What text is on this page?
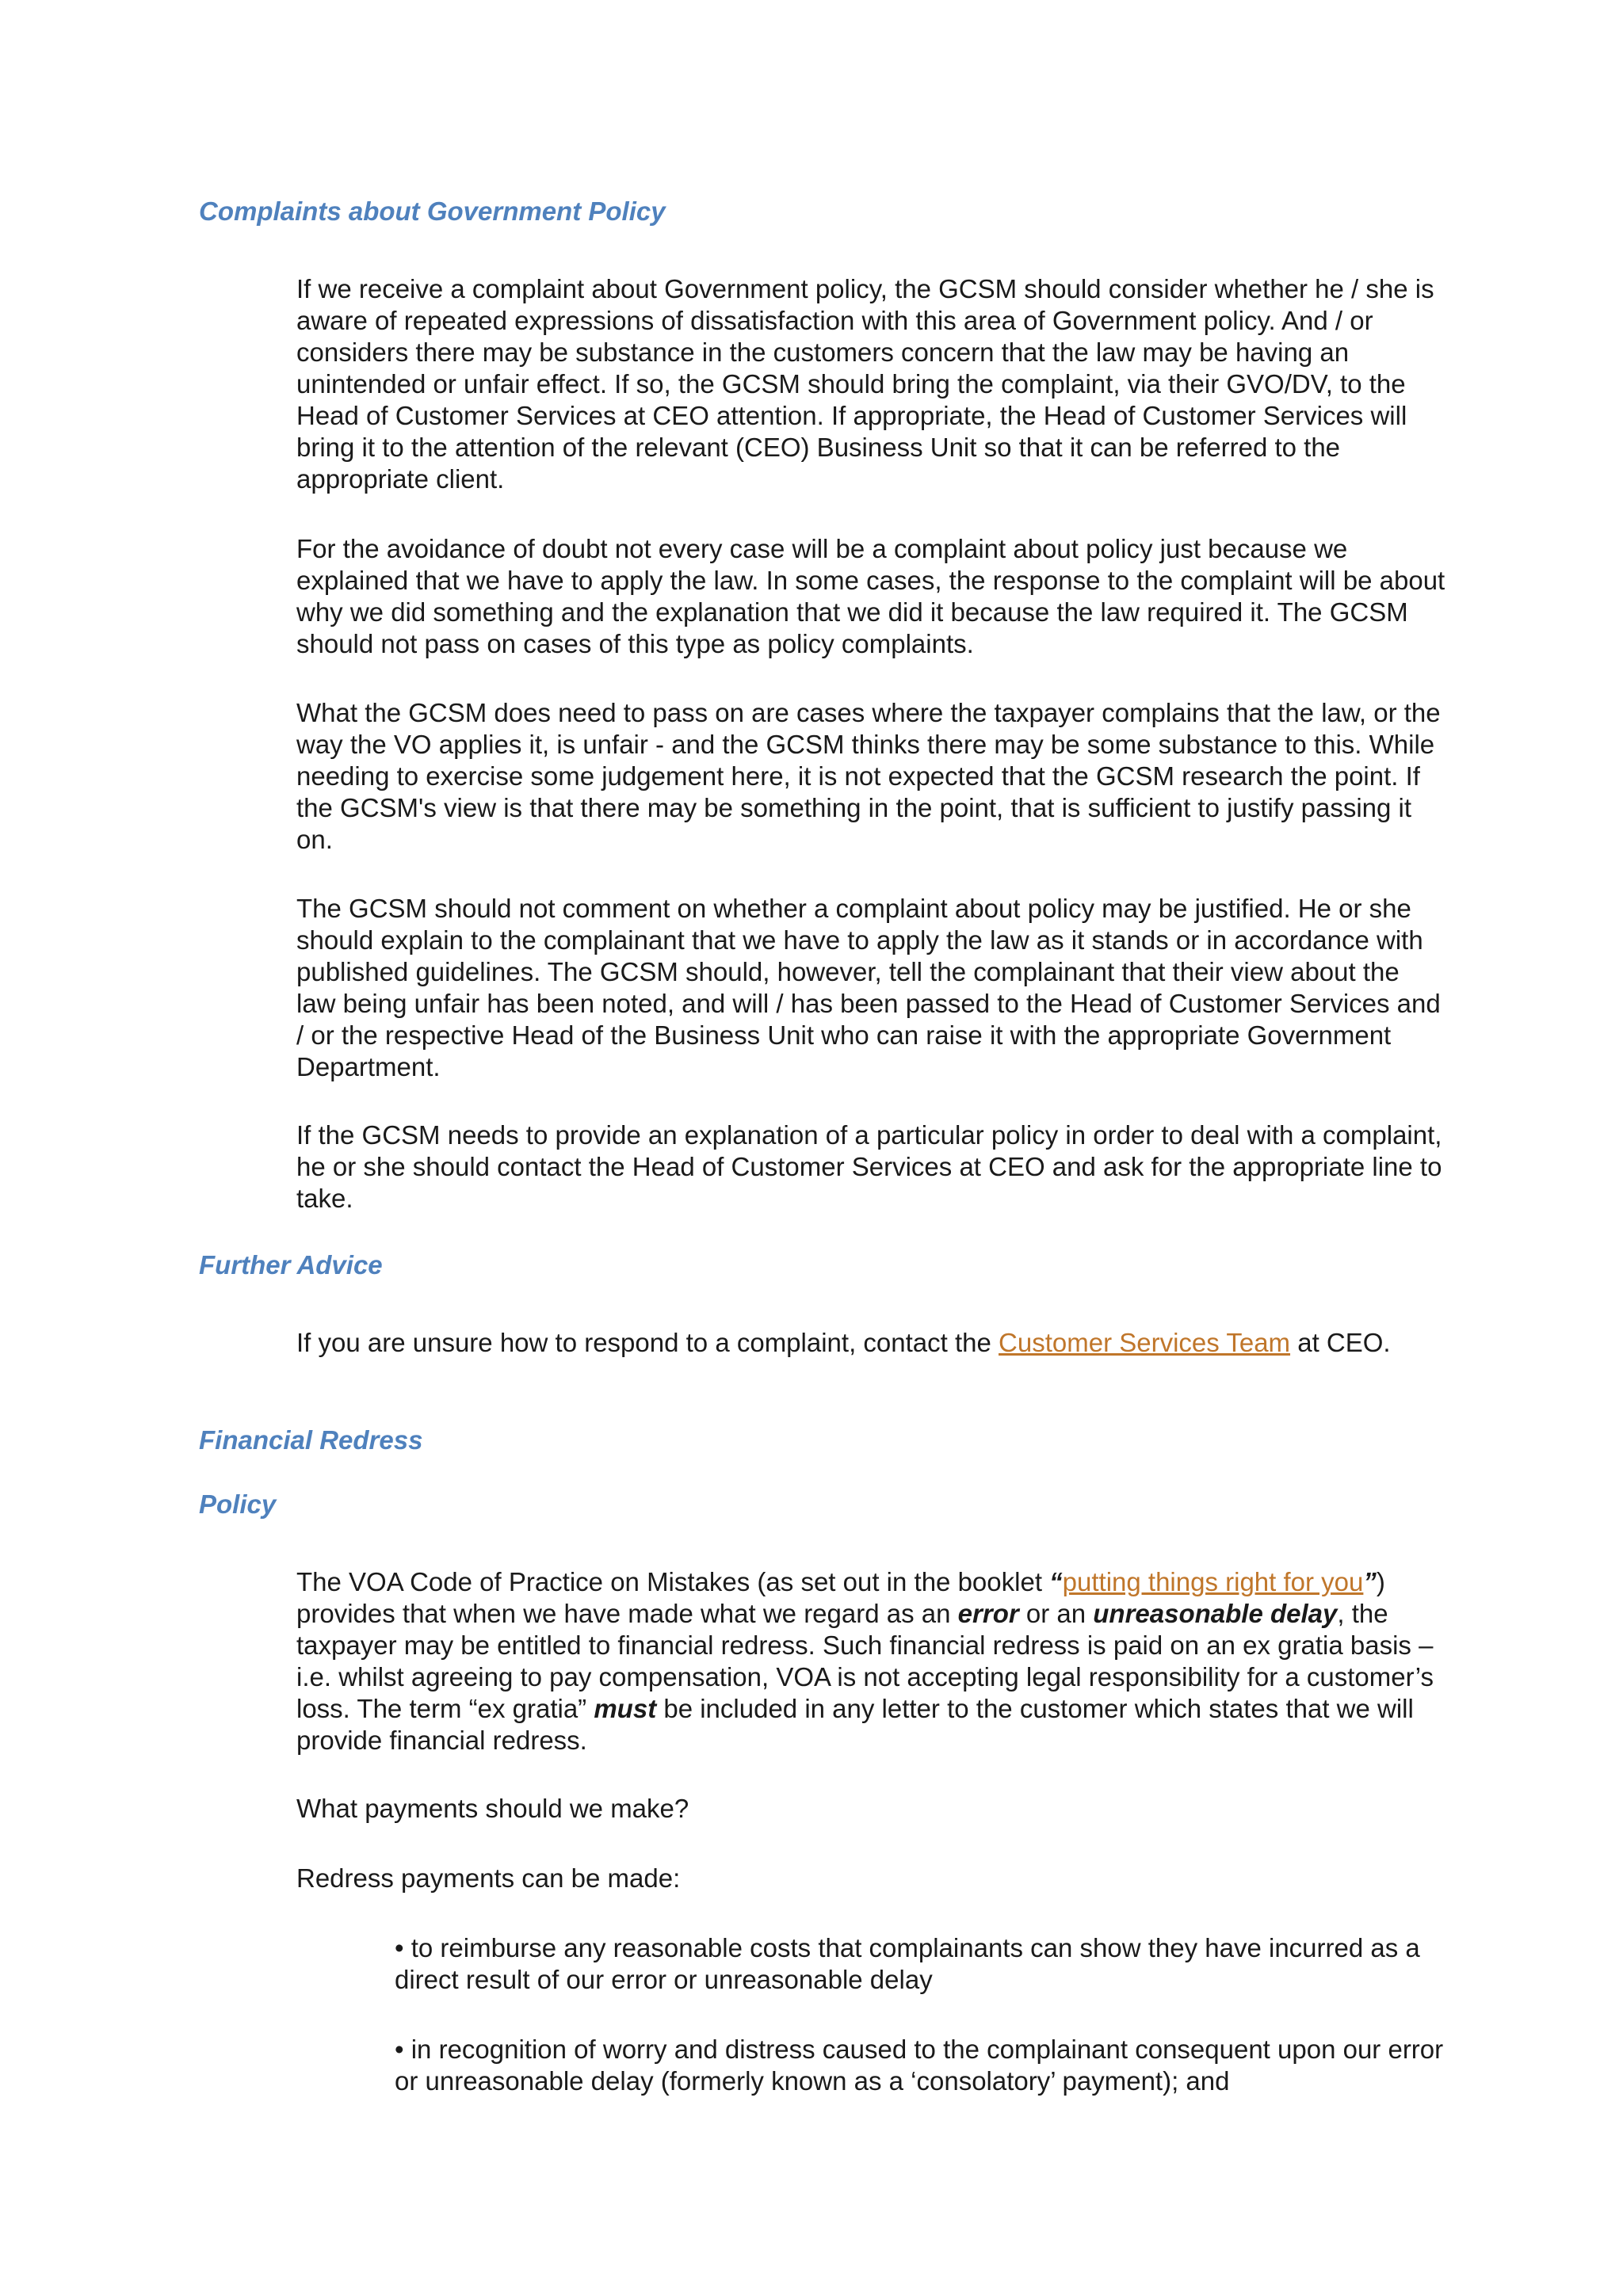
Complaints about Government Policy

If we receive a complaint about Government policy, the GCSM should consider whether he / she is aware of repeated expressions of dissatisfaction with this area of Government policy. And / or considers there may be substance in the customers concern that the law may be having an unintended or unfair effect. If so, the GCSM should bring the complaint, via their GVO/DV, to the Head of Customer Services at CEO attention. If appropriate, the Head of Customer Services will bring it to the attention of the relevant (CEO) Business Unit so that it can be referred to the appropriate client.

For the avoidance of doubt not every case will be a complaint about policy just because we explained that we have to apply the law. In some cases, the response to the complaint will be about why we did something and the explanation that we did it because the law required it. The GCSM should not pass on cases of this type as policy complaints.

What the GCSM does need to pass on are cases where the taxpayer complains that the law, or the way the VO applies it, is unfair - and the GCSM thinks there may be some substance to this. While needing to exercise some judgement here, it is not expected that the GCSM research the point. If the GCSM's view is that there may be something in the point, that is sufficient to justify passing it on.

The GCSM should not comment on whether a complaint about policy may be justified. He or she should explain to the complainant that we have to apply the law as it stands or in accordance with published guidelines. The GCSM should, however, tell the complainant that their view about the law being unfair has been noted, and will / has been passed to the Head of Customer Services and / or the respective Head of the Business Unit who can raise it with the appropriate Government Department.

If the GCSM needs to provide an explanation of a particular policy in order to deal with a complaint, he or she should contact the Head of Customer Services at CEO and ask for the appropriate line to take.

Further Advice

If you are unsure how to respond to a complaint, contact the Customer Services Team at CEO.

Financial Redress
Policy

The VOA Code of Practice on Mistakes (as set out in the booklet “putting things right for you”) provides that when we have made what we regard as an error or an unreasonable delay, the taxpayer may be entitled to financial redress. Such financial redress is paid on an ex gratia basis – i.e. whilst agreeing to pay compensation, VOA is not accepting legal responsibility for a customer’s loss. The term “ex gratia” must be included in any letter to the customer which states that we will provide financial redress.

What payments should we make?

Redress payments can be made:

• to reimburse any reasonable costs that complainants can show they have incurred as a direct result of our error or unreasonable delay

• in recognition of worry and distress caused to the complainant consequent upon our error or unreasonable delay (formerly known as a ‘consolatory’ payment); and
